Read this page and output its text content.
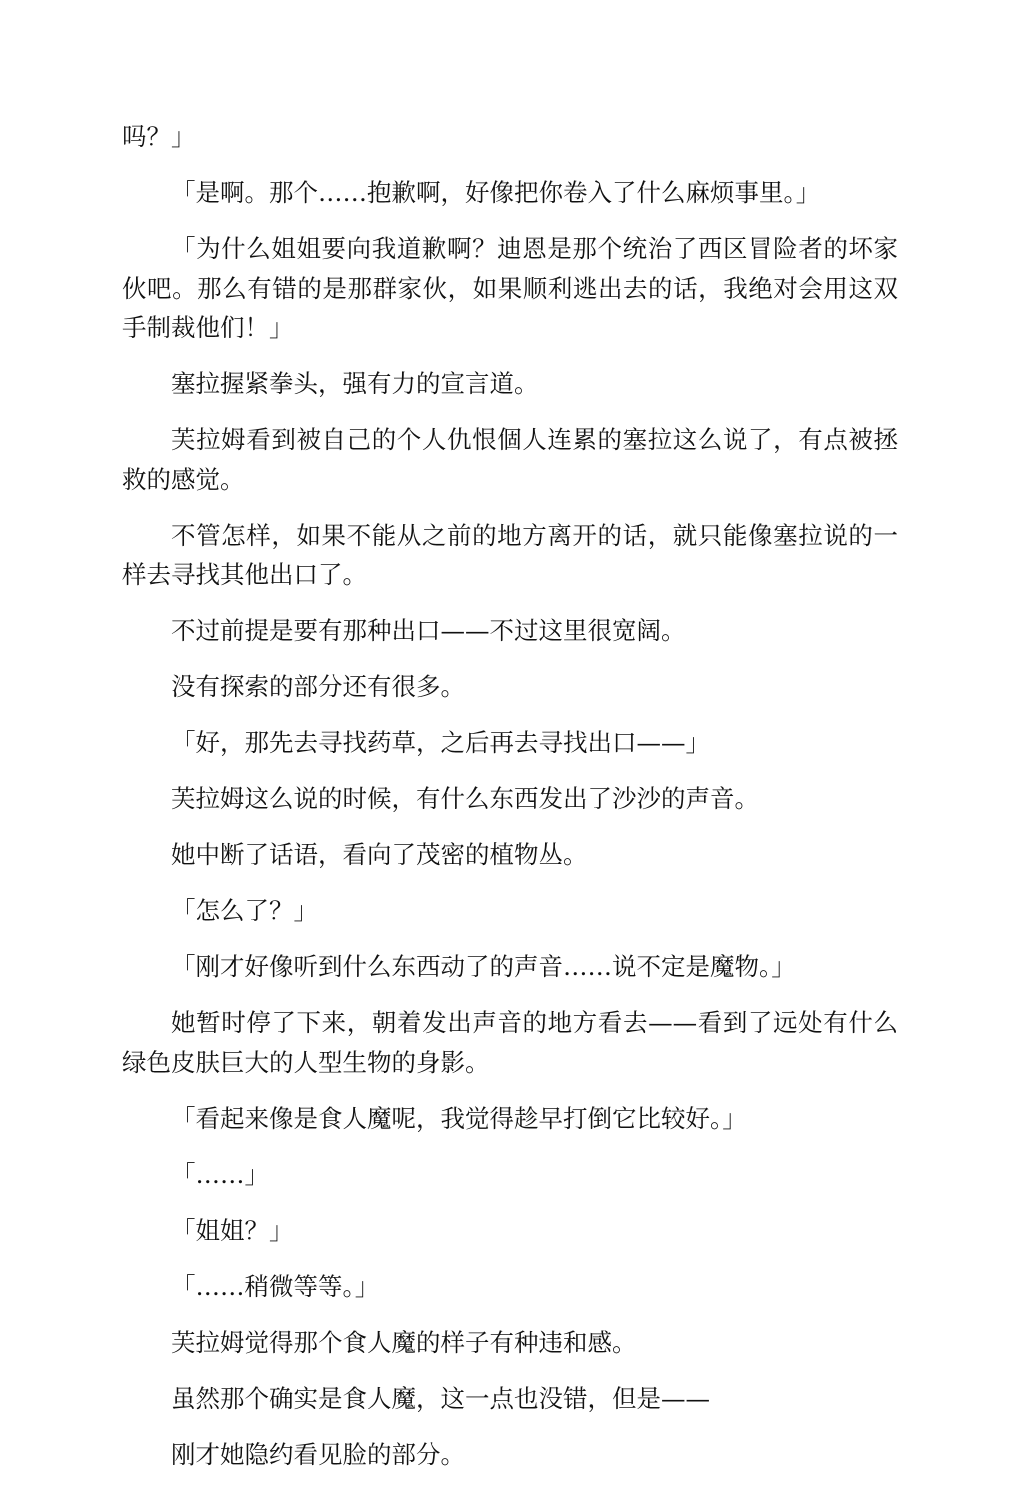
吗？」

「是啊。那个……抱歉啊，好像把你卷入了什么麻烦事里。」

「为什么姐姐要向我道歉啊？迪恩是那个统治了西区冒险者的坏家伙吧。那么有错的是那群家伙，如果顺利逃出去的话，我绝对会用这双手制裁他们！」

塞拉握紧拳头，强有力的宣言道。

芙拉姆看到被自己的个人仇恨個人连累的塞拉这么说了，有点被拯救的感觉。

不管怎样，如果不能从之前的地方离开的话，就只能像塞拉说的一样去寻找其他出口了。

不过前提是要有那种出口——不过这里很宽阔。

没有探索的部分还有很多。

「好，那先去寻找药草，之后再去寻找出口——」

芙拉姆这么说的时候，有什么东西发出了沙沙的声音。

她中断了话语，看向了茂密的植物丛。

「怎么了？」

「刚才好像听到什么东西动了的声音……说不定是魔物。」

她暂时停了下来，朝着发出声音的地方看去——看到了远处有什么绿色皮肤巨大的人型生物的身影。

「看起来像是食人魔呢，我觉得趁早打倒它比较好。」

「……」

「姐姐？」

「……稍微等等。」

芙拉姆觉得那个食人魔的样子有种违和感。

虽然那个确实是食人魔，这一点也没错，但是——

刚才她隐约看见脸的部分。
